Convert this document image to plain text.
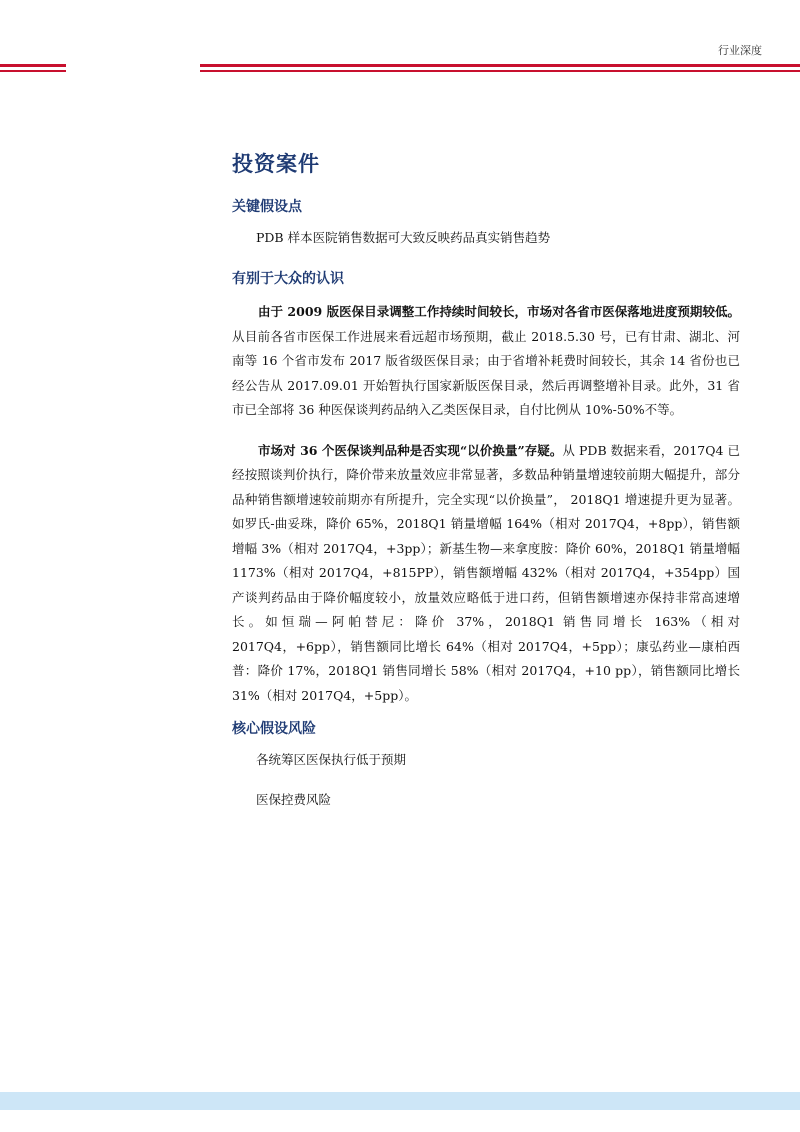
行业深度
投资案件
关键假设点
PDB 样本医院销售数据可大致反映药品真实销售趋势
有别于大众的认识

由于 2009 版医保目录调整工作持续时间较长，市场对各省市医保落地进度预期较低。从目前各省市医保工作进展来看远超市场预期，截止 2018.5.30 号，已有甘肃、湖北、河南等 16 个省市发布 2017 版省级医保目录；由于省增补耗费时间较长，其余 14 省份也已经公告从 2017.09.01 开始暂执行国家新版医保目录，然后再调整增补目录。此外，31 省市已全部将 36 种医保谈判药品纳入乙类医保目录，自付比例从 10%-50%不等。

市场对 36 个医保谈判品种是否实现“以价换量”存疑。从 PDB 数据来看，2017Q4 已经按照谈判价执行，降价带来放量效应非常显著，多数品种销量增速较前期大幅提升，部分品种销售额增速较前期亦有所提升，完全实现“以价换量”， 2018Q1 增速提升更为显著。如罗氏-曲妥珠，降价 65%，2018Q1 销量增幅 164%（相对 2017Q4，+8pp），销售额增幅 3%（相对 2017Q4，+3pp）；新基生物—来拿度胺：降价 60%，2018Q1 销量增幅 1173%（相对 2017Q4，+815PP），销售额增幅 432%（相对 2017Q4，+354pp）国产谈判药品由于降价幅度较小，放量效应略低于进口药，但销售额增速亦保持非常高速增长。如恒瑞—阿帕替尼：降价 37%，2018Q1 销售同增长 163%（相对 2017Q4，+6pp），销售额同比增长 64%（相对 2017Q4，+5pp）；康弘药业—康柏西普：降价 17%，2018Q1 销售同增长 58%（相对 2017Q4，+10 pp），销售额同比增长 31%（相对 2017Q4，+5pp）。

核心假设风险
各统筹区医保执行低于预期
医保控费风险
